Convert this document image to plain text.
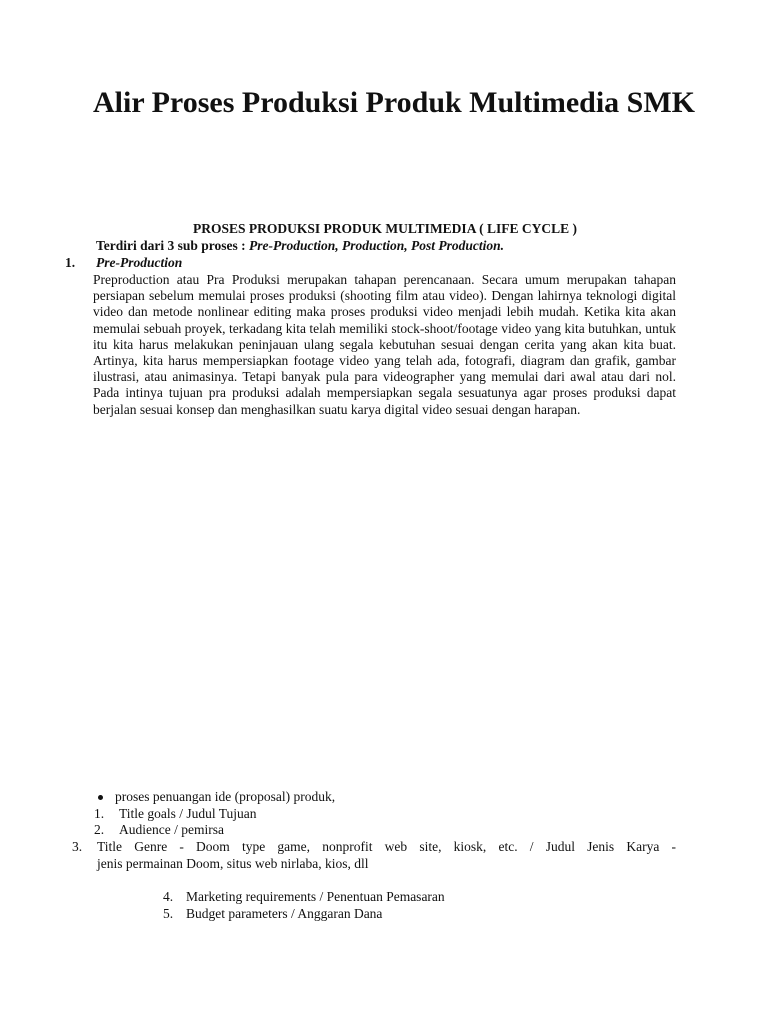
Alir Proses Produksi Produk Multimedia SMK
PROSES PRODUKSI PRODUK MULTIMEDIA ( LIFE CYCLE )
Terdiri dari 3 sub proses : Pre-Production, Production, Post Production.
1. Pre-Production

Preproduction atau Pra Produksi merupakan tahapan perencanaan. Secara umum merupakan tahapan persiapan sebelum memulai proses produksi (shooting film atau video). Dengan lahirnya teknologi digital video dan metode nonlinear editing maka proses produksi video menjadi lebih mudah. Ketika kita akan memulai sebuah proyek, terkadang kita telah memiliki stock-shoot/footage video yang kita butuhkan, untuk itu kita harus melakukan peninjauan ulang segala kebutuhan sesuai dengan cerita yang akan kita buat. Artinya, kita harus mempersiapkan footage video yang telah ada, fotografi, diagram dan grafik, gambar ilustrasi, atau animasinya. Tetapi banyak pula para videographer yang memulai dari awal atau dari nol. Pada intinya tujuan pra produksi adalah mempersiapkan segala sesuatunya agar proses produksi dapat berjalan sesuai konsep dan menghasilkan suatu karya digital video sesuai dengan harapan.

proses penuangan ide (proposal) produk,
1. Title goals / Judul Tujuan
2. Audience / pemirsa
3. Title Genre - Doom type game, nonprofit web site, kiosk, etc. / Judul Jenis Karya -

jenis permainan Doom, situs web nirlaba, kios, dll
4. Marketing requirements / Penentuan Pemasaran
5. Budget parameters / Anggaran Dana
